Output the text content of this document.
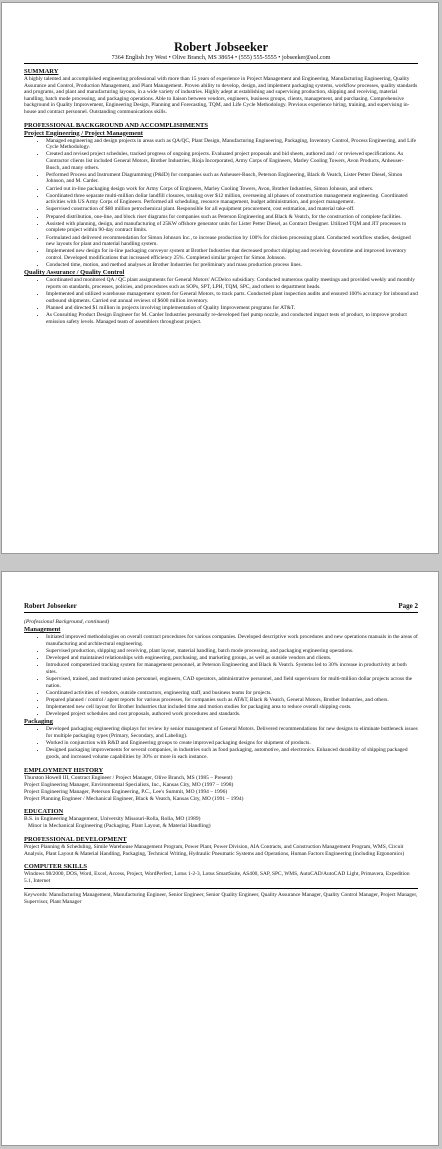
Robert Jobseeker

7364 English Ivy West • Olive Branch, MS 38654 • (555) 555-5555 • jobseeker@aol.com
SUMMARY

A highly talented and accomplished engineering professional with more than 15 years of experience in Project Management and Engineering, Manufacturing Engineering, Quality Assurance and Control, Production Management, and Plant Management. Proven ability to develop, design, and implement packaging systems, workflow processes, quality standards and programs, and plant and manufacturing layouts, in a wide variety of industries. Highly adept at establishing and supervising production, shipping and receiving, material handling, batch mode processing, and packaging operations. Able to liaison between vendors, engineers, business groups, clients, management, and purchasing. Comprehensive background in Quality Improvement, Engineering Design, Planning and Forecasting, TQM, and Life Cycle Methodology. Previous experience hiring, training, and supervising in-house and contract personnel. Outstanding communications skills.

PROFESSIONAL BACKGROUND AND ACCOMPLISHMENTS
Project Engineering / Project Management
• Managed engineering and design projects in areas such as QA/QC, Plant Design, Manufacturing Engineering, Packaging, Inventory Control, Process Engineering, and Life Cycle Methodology.
• Created and revised project schedules, tracked progress of ongoing projects. Evaluated project proposals and bid sheets, authored and / or reviewed specifications. As Contractor clients list included General Motors, Brother Industries, Rioja Incorporated, Army Corps of Engineers, Marley Cooling Towers, Avon Products, Anheuser-Busch, and many others.
• Performed Process and Instrument Diagramming (P&ID) for companies such as Anheuser-Busch, Peterson Engineering, Black & Veatch, Lister Petter Diesel, Simon Johnson, and M. Carder.
• Carried out in-line packaging design work for Army Corps of Engineers, Marley Cooling Towers, Avon, Brother Industries, Simon Johnson, and others.
• Coordinated three separate multi-million dollar landfill closures, totaling over $12 million, overseeing all phases of construction management engineering. Coordinated activities with US Army Corps of Engineers. Performed all scheduling, resource management, budget administration, and project management.
• Supervised construction of $80 million petrochemical plant. Responsible for all equipment procurement, cost estimation, and material take-off.
• Prepared distribution, one-line, and block riser diagrams for companies such as Peterson Engineering and Black & Veatch, for the construction of complete facilities.
• Assisted with planning, design, and manufacturing of 25KW offshore generator units for Lister Petter Diesel, as Contract Designer. Utilized TQM and JIT processes to complete project within 90-day contract limits.
• Formulated and delivered recommendation for Simon Johnson Inc., to increase production by 100% for chicken processing plant. Conducted workflow studies, designed new layouts for plant and material handling system.
• Implemented new design for in-line packaging conveyor system at Brother Industries that decreased product shipping and receiving downtime and improved inventory control. Developed modifications that increased efficiency 25%. Completed similar project for Simon Johnson.
• Conducted time, motion, and method analyses at Brother Industries for preliminary and mass production process lines.
Quality Assurance / Quality Control
• Coordinated and monitored QA / QC plant assignments for General Motors' ACDelco subsidiary. Conducted numerous quality meetings and provided weekly and monthly reports on standards, processes, policies, and procedures such as SOPs, SPT, LPH, TQM, SPC, and others to department heads.
• Implemented and utilized warehouse management system for General Motors, to track parts. Conducted plant inspection audits and ensured 100% accuracy for inbound and outbound shipments. Carried out annual reviews of $600 million inventory.
• Planned and directed $1 million in projects involving implementation of Quality Improvement programs for AT&T.
• As Consulting Product Design Engineer for M. Carder Industries personally re-developed fuel pump nozzle, and conducted impact tests of product, to improve product emission safety levels. Managed team of assemblers throughout project.
Robert Jobseeker	Page 2
(Professional Background, continued)
Management
• Initiated improved methodologies on overall contract procedures for various companies. Developed descriptive work procedures and new operations manuals in the areas of manufacturing and architectural engineering.
• Supervised production, shipping and receiving, plant layout, material handling, batch mode processing, and packaging engineering operations.
• Developed and maintained relationships with engineering, purchasing, and marketing groups, as well as outside vendors and clients.
• Introduced computerized tracking system for management personnel, at Peterson Engineering and Black & Veatch. Systems led to 30% increase in productivity at both sites.
• Supervised, trained, and motivated union personnel, engineers, CAD operators, administrative personnel, and field supervisors for multi-million dollar projects across the nation.
• Coordinated activities of vendors, outside contractors, engineering staff, and business teams for projects.
• Prepared planned / control / agent reports for various processes, for companies such as AT&T, Black & Veatch, General Motors, Brother Industries, and others.
• Implemented new cell layout for Brother Industries that included time and motion studies for packaging area to reduce overall shipping costs.
• Developed project schedules and cost proposals, authored work procedures and standards.
Packaging
• Developed packaging engineering displays for review by senior management of General Motors. Delivered recommendations for new designs to eliminate bottleneck issues for multiple packaging types (Primary, Secondary, and Labeling).
• Worked in conjunction with R&D and Engineering groups to create improved packaging designs for shipment of products.
• Designed packaging improvements for several companies, in industries such as food packaging, automotive, and electronics. Enhanced durability of shipping packaged goods, and increased volume capabilities by 30% or more in each instance.
EMPLOYMENT HISTORY
Thurston Howell III, Contract Engineer / Project Manager, Olive Branch, MS (1985 – Present)
Project Engineering Manager, Environmental Specialists, Inc., Kansas City, MO (1997 – 1998)
Project Engineering Manager, Peterson Engineering, P.C., Lee's Summit, MO (1994 – 1996)
Project Planning Engineer / Mechanical Engineer, Black & Veatch, Kansas City, MO (1991 – 1994)
EDUCATION
B.S. in Engineering Management, University Missouri-Rolla, Rolla, MO (1989)
Minor in Mechanical Engineering (Packaging, Plant Layout, & Material Handling)
PROFESSIONAL DEVELOPMENT

Project Planning & Scheduling, Simile Warehouse Management Program, Power Plant, Power Division, AIA Contracts, and Construction Management Program, WMS, Circuit Analysis, Plant Layout & Material Handling, Packaging, Technical Writing, Hydraulic Pneumatic Systems and Operations, Human Factors Engineering (including Ergonomics)

COMPUTER SKILLS

Windows 98/2000, DOS, Word, Excel, Access, Project, WordPerfect, Lotus 1-2-3, Lotus SmartSuite, AS400, SAP, SPC, WMS, AutoCAD/AutoCAD Light, Primavera, Expedition 5.1, Internet

Keywords: Manufacturing Management, Manufacturing Engineer, Senior Engineer, Senior Quality Engineer, Quality Assurance Manager, Quality Control Manager, Project Manager, Supervisor, Plant Manager
